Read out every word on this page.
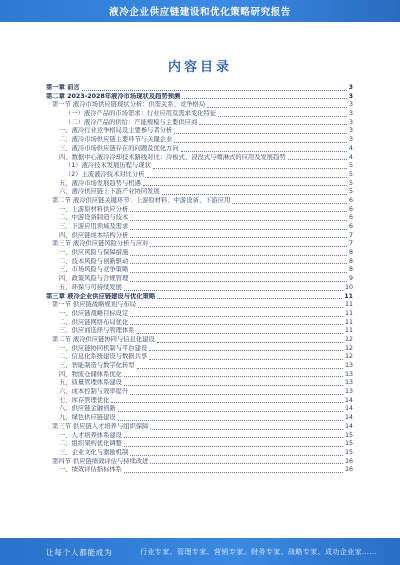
液冷企业供应链建设和优化策略研究报告
内容目录
第一章 前言	3
第二章 2023-2028年液冷市场现状及趋势预测	3
第一节 液冷市场供应链现状分析：供需关系、竞争格局	3
（一）液冷产品的市场需求：行业应用及需求变化特征	3
（二）液冷产品的供给：产能规模与主要供应商	3
一、液冷行业竞争格局及主要参与者分析	3
二、液冷市场供应链主要环节与关键企业	3
三、液冷市场供应链存在的问题及优化方向	4
四、数据中心液冷冷却技术路线对比：冷板式、浸没式与喷淋式的应用及发展趋势	4
（1）液冷技术发展历程与现状	5
（2）主流液冷技术对比分析	5
五、液冷市场发展趋势与机遇	5
六、液冷供应链上下游产业协同发展	5
第二节 液冷供应链关键环节：上游原材料、中游设备、下游应用	6
一、上游原材料供应分析	6
二、中游设备制造与技术	6
三、下游应用领域及需求	6
四、供应链成本结构分析	7
第三节 液冷供应链风险分析与应对	7
一、供应风险与保障措施	8
二、技术风险与创新驱动	8
三、市场风险与竞争策略	8
四、政策风险与合规管理	9
五、环保与可持续发展	10
第三章 液冷企业供应链建设与优化策略	11
第一节 供应链战略规划与布局	11
一、供应链战略目标设定	11
二、供应链网络布局优化	11
三、供应商选择与管理体系	11
第二节 液冷供应链协同与信息化建设	12
一、供应链协同机制与平台建设	12
二、信息化系统建设与数据共享	12
三、智能制造与数字化转型	13
四、物流仓储体系优化	13
五、质量管理体系建设	13
六、成本控制与效率提升	13
七、库存管理优化	14
八、供应链金融创新	14
九、绿色供应链建设	14
第三节 供应链人才培养与组织保障	14
一、人才培养体系建设	15
二、组织架构优化调整	15
三、企业文化与激励机制	15
第四节 供应链绩效评估与持续改进	16
一、绩效评估指标体系	16
让每个人都能成为	行业专家、管理专家、营销专家、财务专家、战略专家、成功企业家……
